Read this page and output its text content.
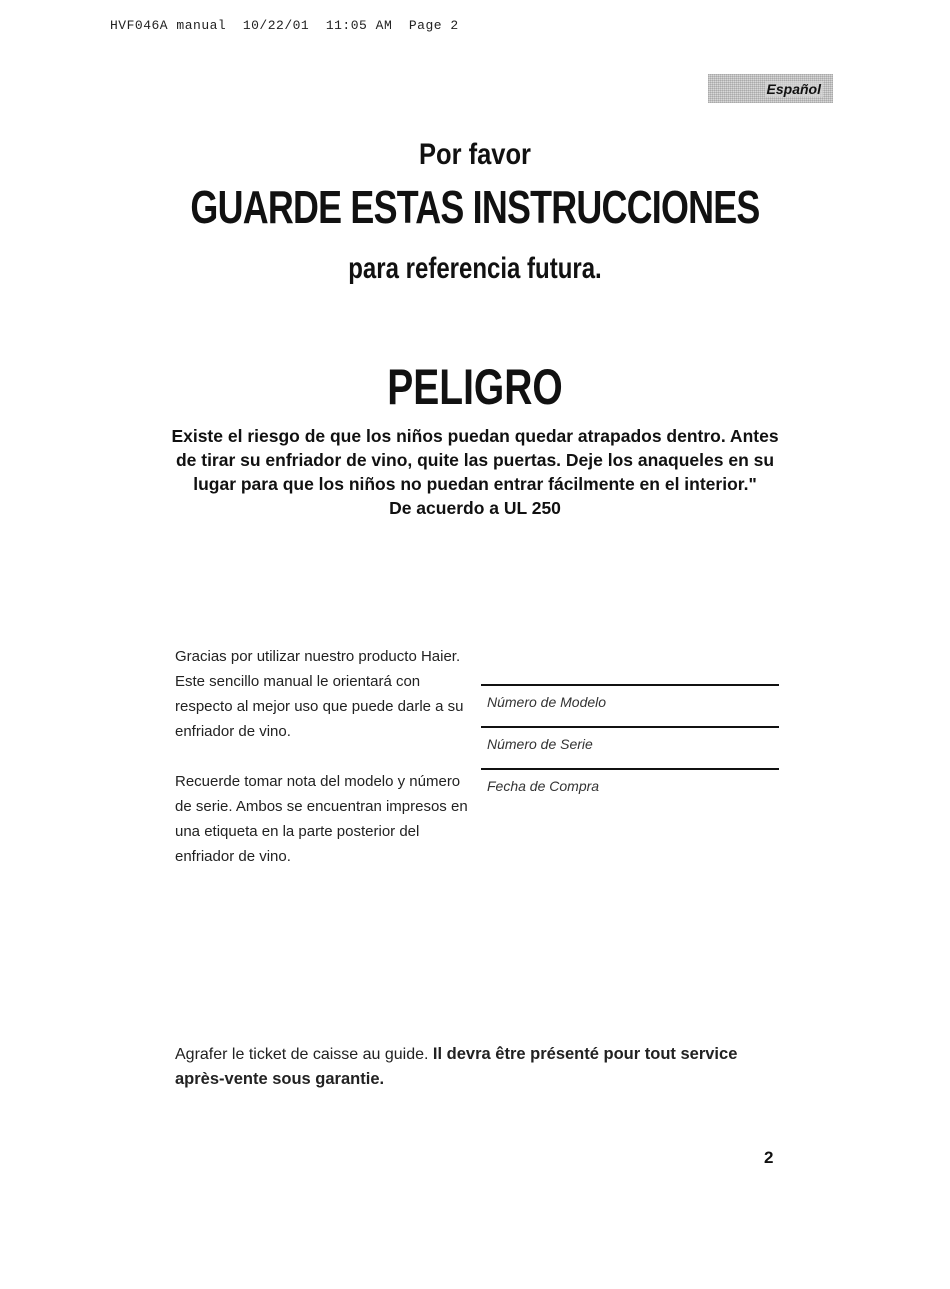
HVF046A manual  10/22/01  11:05 AM  Page 2
Español
Por favor
GUARDE ESTAS INSTRUCCIONES
para referencia futura.
PELIGRO
Existe el riesgo de que los niños puedan quedar atrapados dentro. Antes de tirar su enfriador de vino, quite las puertas. Deje los anaqueles en su lugar para que los niños no puedan entrar fácilmente en el interior."
De acuerdo a UL 250

Gracias por utilizar nuestro producto Haier. Este sencillo manual le orientará con respecto al mejor uso que puede darle a su enfriador de vino.

Recuerde tomar nota del modelo y número de serie. Ambos se encuentran impresos en una etiqueta en la parte posterior del enfriador de vino.

Número de Modelo
Número de Serie
Fecha de Compra
Agrafer le ticket de caisse au guide. Il devra être présenté pour tout service après-vente sous garantie.
2
